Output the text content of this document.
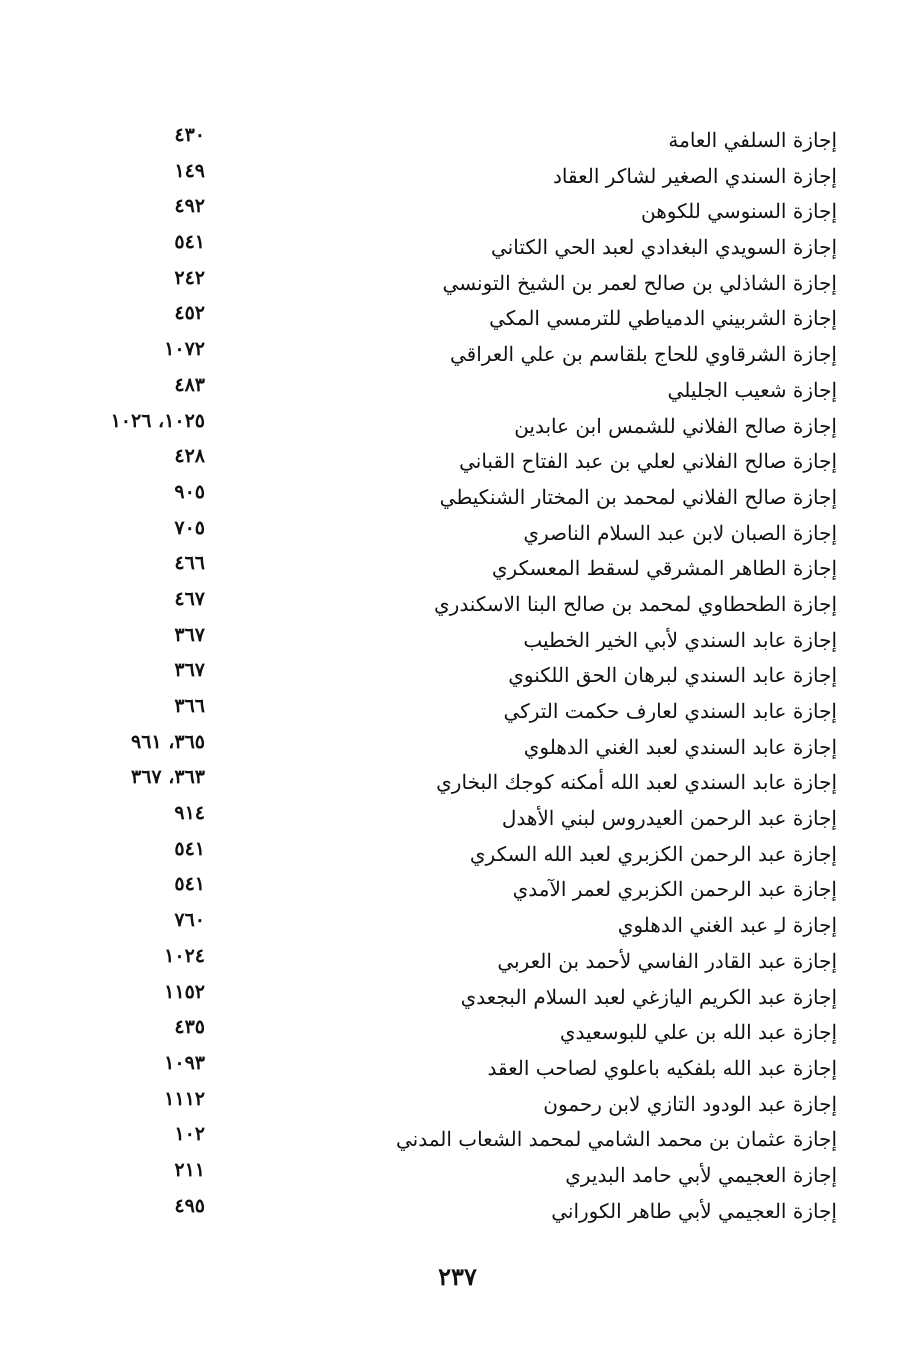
إجازة السلفي العامة
٤٣٠
إجازة السندي الصغير لشاكر العقاد
١٤٩
إجازة السنوسي للكوهن
٤٩٢
إجازة السويدي البغدادي لعبد الحي الكتاني
٥٤١
إجازة الشاذلي بن صالح لعمر بن الشيخ التونسي
٢٤٢
إجازة الشربيني الدمياطي للترمسي المكي
٤٥٢
إجازة الشرقاوي للحاج بلقاسم بن علي العراقي
١٠٧٢
إجازة شعيب الجليلي
٤٨٣
إجازة صالح الفلاني للشمس ابن عابدين
١٠٢٥، ١٠٢٦
إجازة صالح الفلاني لعلي بن عبد الفتاح القباني
٤٢٨
إجازة صالح الفلاني لمحمد بن المختار الشنكيطي
٩٠٥
إجازة الصبان لابن عبد السلام الناصري
٧٠٥
إجازة الطاهر المشرقي لسقط المعسكري
٤٦٦
إجازة الطحطاوي لمحمد بن صالح البنا الاسكندري
٤٦٧
إجازة عابد السندي لأبي الخير الخطيب
٣٦٧
إجازة عابد السندي لبرهان الحق اللكنوي
٣٦٧
إجازة عابد السندي لعارف حكمت التركي
٣٦٦
إجازة عابد السندي لعبد الغني الدهلوي
٣٦٥، ٩٦١
إجازة عابد السندي لعبد الله أمكنه كوجك البخاري
٣٦٣، ٣٦٧
إجازة عبد الرحمن العيدروس لبني الأهدل
٩١٤
إجازة عبد الرحمن الكزبري لعبد الله السكري
٥٤١
إجازة عبد الرحمن الكزبري لعمر الآمدي
٥٤١
إجازة لـِ عبد الغني الدهلوي
٧٦٠
إجازة عبد القادر الفاسي لأحمد بن العربي
١٠٢٤
إجازة عبد الكريم اليازغي لعبد السلام البجعدي
١١٥٢
إجازة عبد الله بن علي للبوسعيدي
٤٣٥
إجازة عبد الله بلفكيه باعلوي لصاحب العقد
١٠٩٣
إجازة عبد الودود التازي لابن رحمون
١١١٢
إجازة عثمان بن محمد الشامي لمحمد الشعاب المدني
١٠٢
إجازة العجيمي لأبي حامد البديري
٢١١
إجازة العجيمي لأبي طاهر الكوراني
٤٩٥
٢٣٧
